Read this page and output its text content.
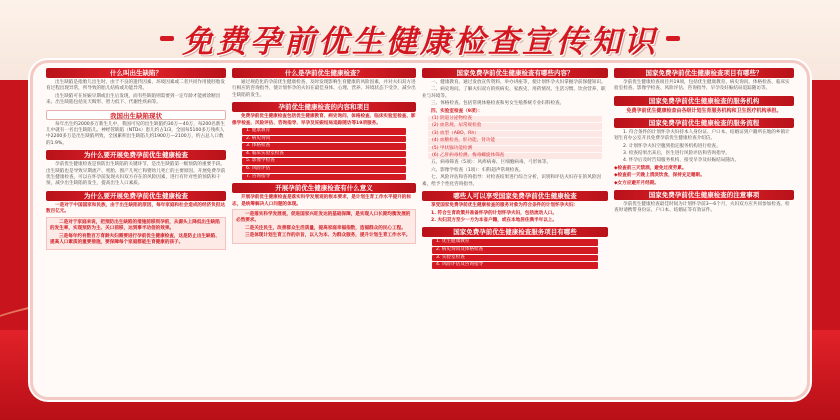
免费孕前优生健康检查宣传知识
什么叫出生缺陷？

出生缺陷是指胎儿出生时，由于不良的遗传因素、环境因素或二者共同作用使胚胎发育过程出现异常，所导致的胎儿结构或功能异常。

出生缺陷可在妊娠早期或出生后发现，而有些缺陷则需要到一定年龄才能被诊断出来。出生缺陷包括先天畸形、智力低下、代谢性疾病等。

我国出生缺陷现状

每年出生约2000多万新生儿中，我国可见的出生缺陷约30万—40万，每200名新生儿中就有一名出生缺陷儿。神经管缺陷（NTDs）患儿约占1/3，全国每5100多万残疾人中2200多万是出生缺陷所致，全国累积出生缺陷儿约1900万—2100万，约占总人口数的1.9%。

为什么要开展免费孕前优生健康检查

孕前优生健康检查是预防出生缺陷的关键环节，是出生缺陷第一级预防的重要手段。出生缺陷也是导致早期流产、死胎、围产儿死亡和婴幼儿死亡的主要原因。开展免费孕前优生健康检查，可以在怀孕前发现夫妇双方存在的风险因素，进行有针对性的预防和干预，减少出生缺陷的发生，提高出生人口素质。

为什么要开展免费孕前优生健康检查

一是对于中国国家和民族，由于出生缺陷的原因，每年家庭和社会造成的经济负担达数百亿元。

二是对于家庭来说，把预防出生缺陷的措施前移到孕前，从源头上降低出生缺陷的发生率，实现预防为主、关口前移，达到事半功倍的效果。

三是每年约有数百万育龄夫妇需要进行孕前优生健康检查，这是防止出生缺陷、提高人口素质的重要措施，要保障每个家庭都能生育健康的孩子。

什么是孕前优生健康检查？

通过规范化的孕前优生健康检查，及时发现影响生育健康的风险因素，并对夫妇双方进行相应的咨询指导，使计划怀孕的夫妇在最佳身体、心理、营养、环境状态下受孕，减少出生缺陷的发生。

孕前优生健康检查的内容和项目

免费孕前优生健康检查包括优生健康教育、病史询问、体格检查、临床实验室检查、影像学检查、风险评估、咨询指导、早孕及妊娠结局追踪随访等19项服务。

1. 健康教育
2. 病史询问
3. 体格检查
4. 临床实验室检查
5. 影像学检查
6. 风险评估
7. 咨询指导
开展孕前优生健康检查有什么意义

开展孕前优生健康检查是落实科学发展观的根本要求，是计划生育工作水平提升的标志，是统筹解决人口问题的体现。

一是落实科学发展观，促进国家兴旺发达的基础保障，是实现人口长期均衡发展的必然要求。

二是关注民生，改善群众生活质量，提高家庭幸福指数，造福群众的民心工程。

三是体现计划生育工作的宗旨，以人为本、为群众服务，提升计划生育工作水平。

国家免费孕前优生健康检查有哪些内容？

一、健康教育。通过发放宣传资料、举办讲座等，使计划怀孕夫妇掌握孕前保健知识。

二、病史询问。了解夫妇双方的疾病史、家族史、用药情况、生活习惯、饮食营养、职业与环境等。

三、体格检查。包括常规体格检查和男女生殖系统专业妇科检查。

四、实验室检查（9项）：

(1) 阴道分泌物检查
(2) 血常规、尿常规检验
(3) 血型（ABO、Rh）
(4) 血糖检查、肝功能、肾功能
(5) 甲状腺功能检测
(6) 乙肝病毒检测、梅毒螺旋体筛查

五、病毒筛查（5项）：风疹病毒、巨细胞病毒、弓形体等。

六、影像学检查（1项）：妇科超声常规检查。

七、风险评估和咨询指导：对检查结果进行综合分析，识别和评估夫妇存在的风险因素，给予个性化咨询指导。

哪些人可以享受国家免费孕前优生健康检查

享受国家免费孕前优生健康检查的服务对象为符合条件的计划怀孕夫妇：

1. 符合生育政策并准备怀孕的计划怀孕夫妇，包括流动人口。

2. 夫妇双方至少一方为本省户籍，或在本地居住满半年以上。

国家免费孕前优生健康检查服务项目有哪些
1. 优生健康教育
2. 病史询问及体格检查
3. 实验室检查
4. 风险评估及咨询指导
国家免费孕前优生健康检查项目有哪些？

孕前优生健康检查项目共19项，包括优生健康教育、病史询问、体格检查、临床实验室检查、影像学检查、风险评估、咨询指导、早孕及妊娠结局追踪随访等。

国家免费孕前优生健康检查的服务机构

免费孕前优生健康检查由各级计划生育服务机构和卫生医疗机构承担。

国家免费孕前优生健康检查的服务流程

1. 符合条件的计划怀孕夫妇持本人身份证、户口本、结婚证到户籍所在地的乡镇计划生育办公室开具免费孕前优生健康检查介绍信。

2. 计划怀孕夫妇空腹到指定服务机构进行检查。

3. 检查结果出来后，医生进行风险评估和咨询指导。

4. 怀孕后及时告知服务机构，接受早孕及妊娠结局随访。

◆检查前三天禁酒，避免过度劳累。

◆检查前一天晚上清淡饮食，保持充足睡眠。

◆女方应避开月经期。

国家免费孕前优生健康检查的注意事项

孕前优生健康检查最佳时间为计划怀孕前3—6个月，夫妇双方应共同参加检查。检查时请携带身份证、户口本、结婚证等有效证件。
